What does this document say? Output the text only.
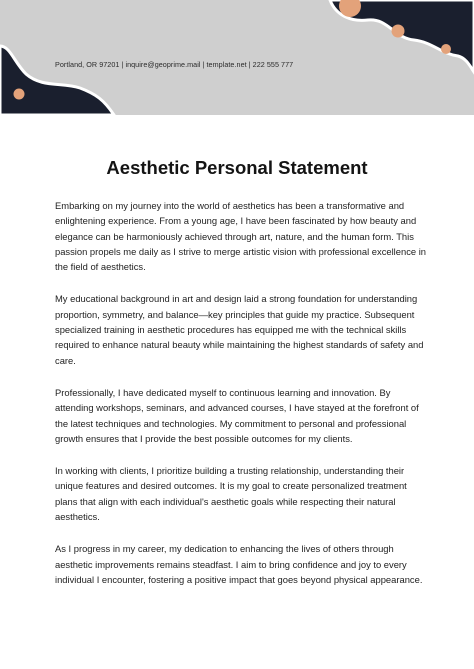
Portland, OR 97201 | inquire@geoprime.mail | template.net | 222 555 777
Aesthetic Personal Statement

Embarking on my journey into the world of aesthetics has been a transformative and enlightening experience. From a young age, I have been fascinated by how beauty and elegance can be harmoniously achieved through art, nature, and the human form. This passion propels me daily as I strive to merge artistic vision with professional excellence in the field of aesthetics.

My educational background in art and design laid a strong foundation for understanding proportion, symmetry, and balance—key principles that guide my practice. Subsequent specialized training in aesthetic procedures has equipped me with the technical skills required to enhance natural beauty while maintaining the highest standards of safety and care.

Professionally, I have dedicated myself to continuous learning and innovation. By attending workshops, seminars, and advanced courses, I have stayed at the forefront of the latest techniques and technologies. My commitment to personal and professional growth ensures that I provide the best possible outcomes for my clients.

In working with clients, I prioritize building a trusting relationship, understanding their unique features and desired outcomes. It is my goal to create personalized treatment plans that align with each individual's aesthetic goals while respecting their natural aesthetics.

As I progress in my career, my dedication to enhancing the lives of others through aesthetic improvements remains steadfast. I aim to bring confidence and joy to every individual I encounter, fostering a positive impact that goes beyond physical appearance.
